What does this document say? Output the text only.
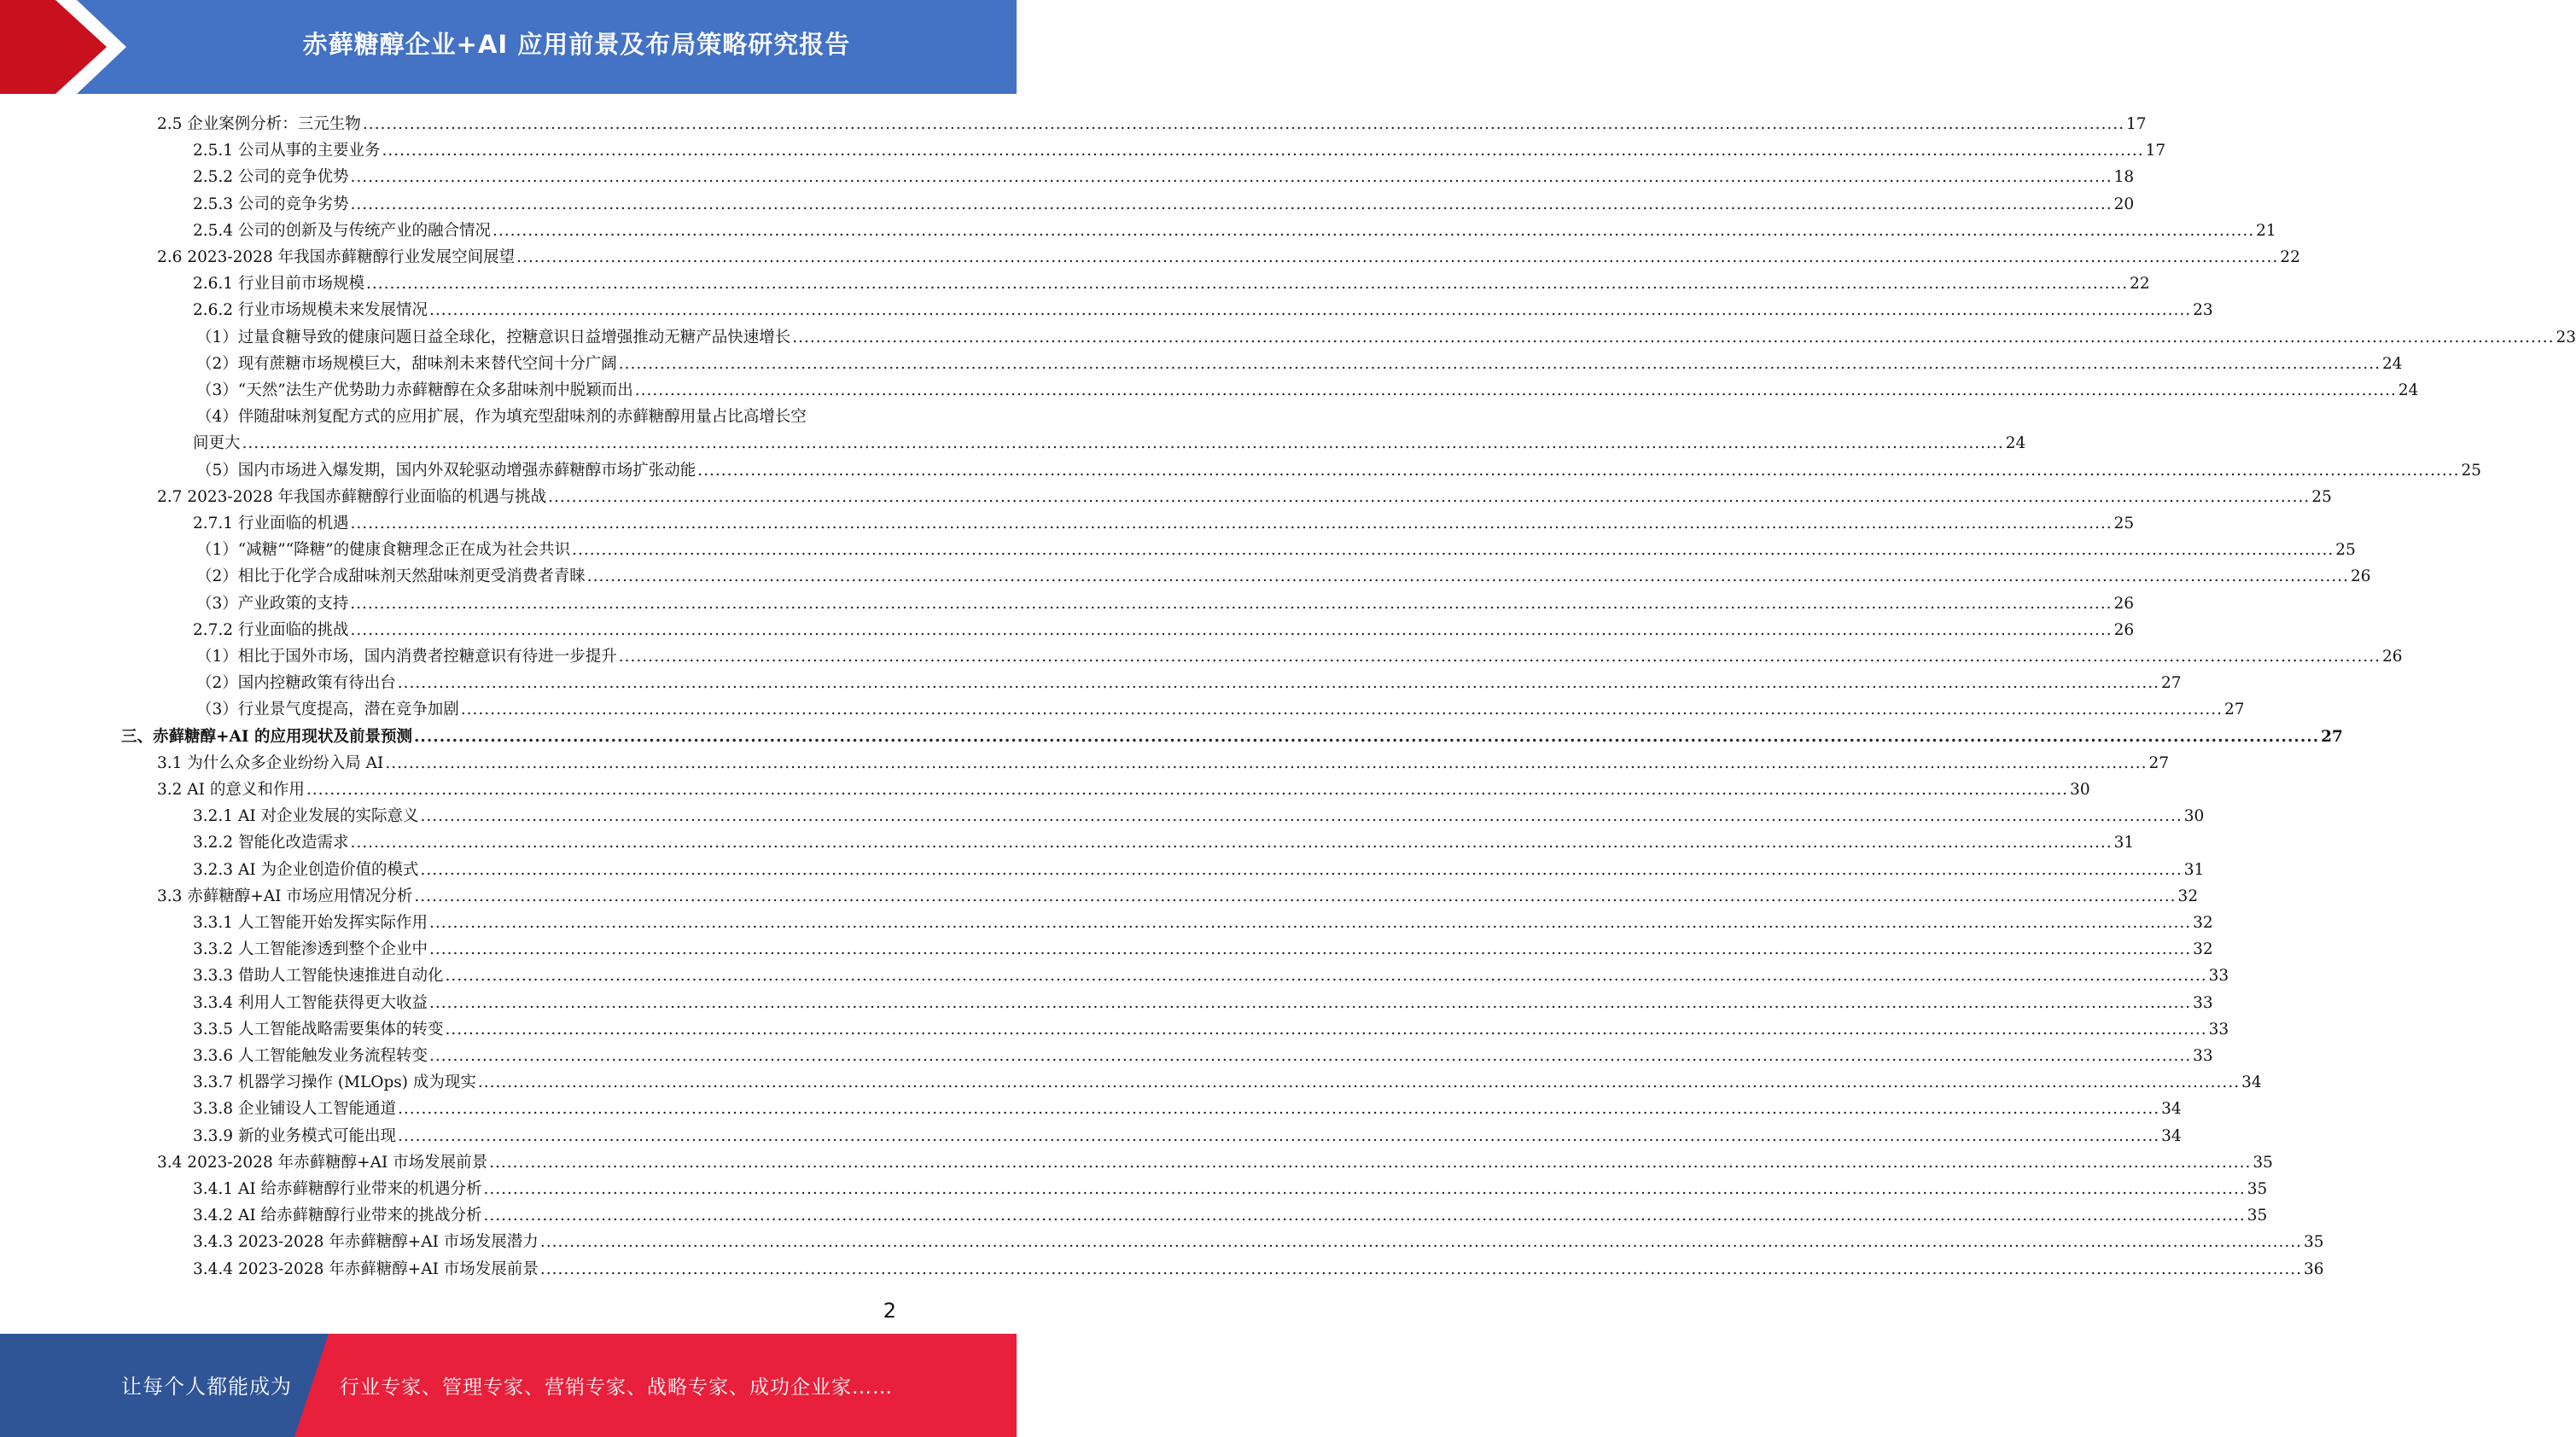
赤藓糖醇企业+AI 应用前景及布局策略研究报告
2.5 企业案例分析：三元生物 ............................................................................................................................................................................................................................................................................................................ 17
2.5.1 公司从事的主要业务 ............................................................................................................................................................................................................................................................................................................ 17
2.5.2 公司的竞争优势 ............................................................................................................................................................................................................................................................................................................ 18
2.5.3 公司的竞争劣势 ............................................................................................................................................................................................................................................................................................................ 20
2.5.4 公司的创新及与传统产业的融合情况 ............................................................................................................................................................................................................................................................................................................ 21
2.6 2023-2028 年我国赤藓糖醇行业发展空间展望 ............................................................................................................................................................................................................................................................................................................ 22
2.6.1 行业目前市场规模 ............................................................................................................................................................................................................................................................................................................ 22
2.6.2 行业市场规模未来发展情况 ............................................................................................................................................................................................................................................................................................................ 23
（1）过量食糖导致的健康问题日益全球化，控糖意识日益增强推动无糖产品快速增长 ............................................................................................................................................................................................................................................................................................................ 23
（2）现有蔗糖市场规模巨大，甜味剂未来替代空间十分广阔 ............................................................................................................................................................................................................................................................................................................ 24
（3）“天然”法生产优势助力赤藓糖醇在众多甜味剂中脱颖而出 ............................................................................................................................................................................................................................................................................................................ 24
（4）伴随甜味剂复配方式的应用扩展，作为填充型甜味剂的赤藓糖醇用量占比高增长空
间更大 ............................................................................................................................................................................................................................................................................................................ 24
（5）国内市场进入爆发期，国内外双轮驱动增强赤藓糖醇市场扩张动能 ............................................................................................................................................................................................................................................................................................................ 25
2.7 2023-2028 年我国赤藓糖醇行业面临的机遇与挑战 ............................................................................................................................................................................................................................................................................................................ 25
2.7.1 行业面临的机遇 ............................................................................................................................................................................................................................................................................................................ 25
（1）“减糖”“降糖”的健康食糖理念正在成为社会共识 ............................................................................................................................................................................................................................................................................................................ 25
（2）相比于化学合成甜味剂天然甜味剂更受消费者青睐 ............................................................................................................................................................................................................................................................................................................ 26
（3）产业政策的支持 ............................................................................................................................................................................................................................................................................................................ 26
2.7.2 行业面临的挑战 ............................................................................................................................................................................................................................................................................................................ 26
（1）相比于国外市场，国内消费者控糖意识有待进一步提升 ............................................................................................................................................................................................................................................................................................................ 26
（2）国内控糖政策有待出台 ............................................................................................................................................................................................................................................................................................................ 27
（3）行业景气度提高，潜在竞争加剧 ............................................................................................................................................................................................................................................................................................................ 27
三、赤藓糖醇+AI 的应用现状及前景预测 ............................................................................................................................................................................................................................................................................................................ 27
3.1 为什么众多企业纷纷入局 AI ............................................................................................................................................................................................................................................................................................................ 27
3.2 AI 的意义和作用 ............................................................................................................................................................................................................................................................................................................ 30
3.2.1 AI 对企业发展的实际意义 ............................................................................................................................................................................................................................................................................................................ 30
3.2.2 智能化改造需求 ............................................................................................................................................................................................................................................................................................................ 31
3.2.3 AI 为企业创造价值的模式 ............................................................................................................................................................................................................................................................................................................ 31
3.3 赤藓糖醇+AI 市场应用情况分析 ............................................................................................................................................................................................................................................................................................................ 32
3.3.1 人工智能开始发挥实际作用 ............................................................................................................................................................................................................................................................................................................ 32
3.3.2 人工智能渗透到整个企业中 ............................................................................................................................................................................................................................................................................................................ 32
3.3.3 借助人工智能快速推进自动化 ............................................................................................................................................................................................................................................................................................................ 33
3.3.4 利用人工智能获得更大收益 ............................................................................................................................................................................................................................................................................................................ 33
3.3.5 人工智能战略需要集体的转变 ............................................................................................................................................................................................................................................................................................................ 33
3.3.6 人工智能触发业务流程转变 ............................................................................................................................................................................................................................................................................................................ 33
3.3.7 机器学习操作 (MLOps) 成为现实 ............................................................................................................................................................................................................................................................................................................ 34
3.3.8 企业铺设人工智能通道 ............................................................................................................................................................................................................................................................................................................ 34
3.3.9 新的业务模式可能出现 ............................................................................................................................................................................................................................................................................................................ 34
3.4 2023-2028 年赤藓糖醇+AI 市场发展前景 ............................................................................................................................................................................................................................................................................................................ 35
3.4.1 AI 给赤藓糖醇行业带来的机遇分析 ............................................................................................................................................................................................................................................................................................................ 35
3.4.2 AI 给赤藓糖醇行业带来的挑战分析 ............................................................................................................................................................................................................................................................................................................ 35
3.4.3 2023-2028 年赤藓糖醇+AI 市场发展潜力 ............................................................................................................................................................................................................................................................................................................ 35
3.4.4 2023-2028 年赤藓糖醇+AI 市场发展前景 ............................................................................................................................................................................................................................................................................................................ 36
2
让每个人都能成为 行业专家、管理专家、营销专家、战略专家、成功企业家……
